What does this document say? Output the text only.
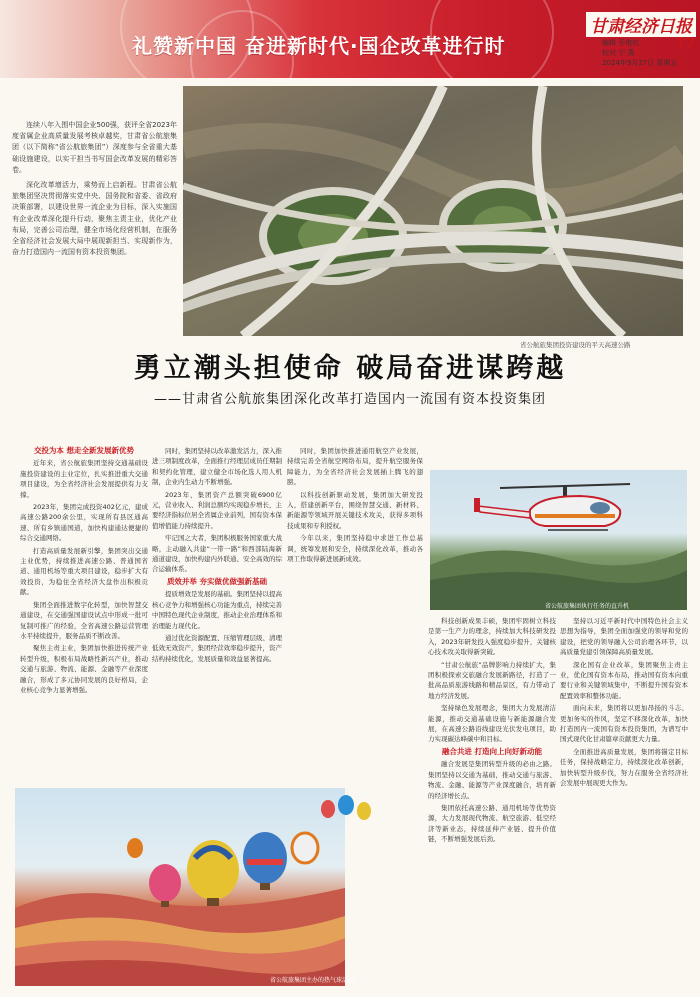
礼赞新中国 奋进新时代·国企改革进行时
甘肃经济日报
编辑 乔俊钦
校对 宁 燕
2024年9月27日 星期五
T7

连续八年入围中国企业500强，获评全省2023年度省属企业高质量发展考核卓越奖，甘肃省公航旅集团（以下简称“省公航旅集团”）深度参与全省重大基础设施建设，以实干担当书写国企改革发展的精彩答卷。

深化改革增活力，乘势而上启新程。甘肃省公航旅集团坚决贯彻落实党中央、国务院和省委、省政府决策部署，以建设世界一流企业为目标，深入实施国有企业改革深化提升行动，聚焦主责主业，优化产业布局，完善公司治理，健全市场化经营机制，在服务全省经济社会发展大局中展现新担当、实现新作为，奋力打造国内一流国有资本投资集团。

省公航旅集团投资建设的平天高速公路
勇立潮头担使命 破局奋进谋跨越
——甘肃省公航旅集团深化改革打造国内一流国有资本投资集团

交投为本 想走全新发展新优势

近年来，省公航旅集团坚持交通基础设施投资建设的主业定位，扎实推进重大交通项目建设，为全省经济社会发展提供有力支撑。

2023年，集团完成投资402亿元，建成高速公路200余公里，实现所有县区通高速、所有乡镇通国道，加快构建通达便捷的综合交通网络。

打造高质量发展新引擎，集团突出交通主业优势，持续推进高速公路、普通国省道、通用机场等重大项目建设，稳步扩大有效投资，为稳住全省经济大盘作出积极贡献。

集团全面推进数字化转型，加快智慧交通建设，在交通强国建设试点中形成一批可复制可推广的经验，全省高速公路运营管理水平持续提升，服务品质不断改善。

聚焦主责主业，集团加快推进传统产业转型升级，积极布局战略性新兴产业，推动交通与旅游、物流、能源、金融等产业深度融合，形成了多元协同发展的良好格局，企业核心竞争力显著增强。

同时，集团坚持以改革激发活力，深入推进三项制度改革，全面推行经理层成员任期制和契约化管理，建立健全市场化选人用人机制，企业内生动力不断增强。

2023年，集团资产总额突破6900亿元，营业收入、利润总额均实现稳步增长，主要经济指标位居全省属企业前列，国有资本保值增值能力持续提升。

牢记国之大者，集团积极服务国家重大战略，主动融入共建“一带一路”和西部陆海新通道建设，加快构建内外联通、安全高效的综合运输体系。

质效并举 夯实做优做强新基础

提质增效是发展的基础。集团坚持以提高核心竞争力和增强核心功能为重点，持续完善中国特色现代企业制度，推动企业治理体系和治理能力现代化。

通过优化资源配置、压缩管理层级、清理低效无效资产，集团经营效率稳步提升，资产结构持续优化，发展质量和效益显著提高。

同时，集团加快推进通用航空产业发展，持续完善全省航空网络布局，提升航空服务保障能力，为全省经济社会发展插上腾飞的翅膀。

以科技创新驱动发展，集团加大研发投入，搭建创新平台，围绕智慧交通、新材料、新能源等领域开展关键技术攻关，获得多项科技成果和专利授权。

今年以来，集团坚持稳中求进工作总基调，统筹发展和安全，持续深化改革，推动各项工作取得新进展新成效。

省公航旅集团执行任务的直升机

科技创新成果丰硕，集团牢固树立科技是第一生产力的理念，持续加大科技研发投入，2023年研发投入强度稳步提升，关键核心技术攻关取得新突破。

“甘肃公航旅”品牌影响力持续扩大，集团积极探索交旅融合发展新路径，打造了一批高品质旅游线路和精品景区，有力带动了地方经济发展。

坚持绿色发展理念，集团大力发展清洁能源，推动交通基础设施与新能源融合发展，在高速公路沿线建设光伏发电项目，助力实现碳达峰碳中和目标。

融合共进 打造向上向好新动能

融合发展是集团转型升级的必由之路。集团坚持以交通为基础，推动交通与旅游、物流、金融、能源等产业深度融合，培育新的经济增长点。

集团依托高速公路、通用机场等优势资源，大力发展现代物流、航空旅游、低空经济等新业态，持续延伸产业链、提升价值链，不断增强发展后劲。

坚持以习近平新时代中国特色社会主义思想为指导，集团全面加强党的领导和党的建设，把党的领导融入公司治理各环节，以高质量党建引领保障高质量发展。

深化国有企业改革，集团聚焦主责主业，优化国有资本布局，推动国有资本向重要行业和关键领域集中，不断提升国有资本配置效率和整体功能。

面向未来，集团将以更加昂扬的斗志、更加务实的作风，坚定不移深化改革，加快打造国内一流国有资本投资集团，为谱写中国式现代化甘肃篇章贡献更大力量。

全面推进高质量发展，集团将锚定目标任务，保持战略定力，持续深化改革创新，加快转型升级步伐，努力在服务全省经济社会发展中展现更大作为。

省公航旅集团主办的热气球活动
